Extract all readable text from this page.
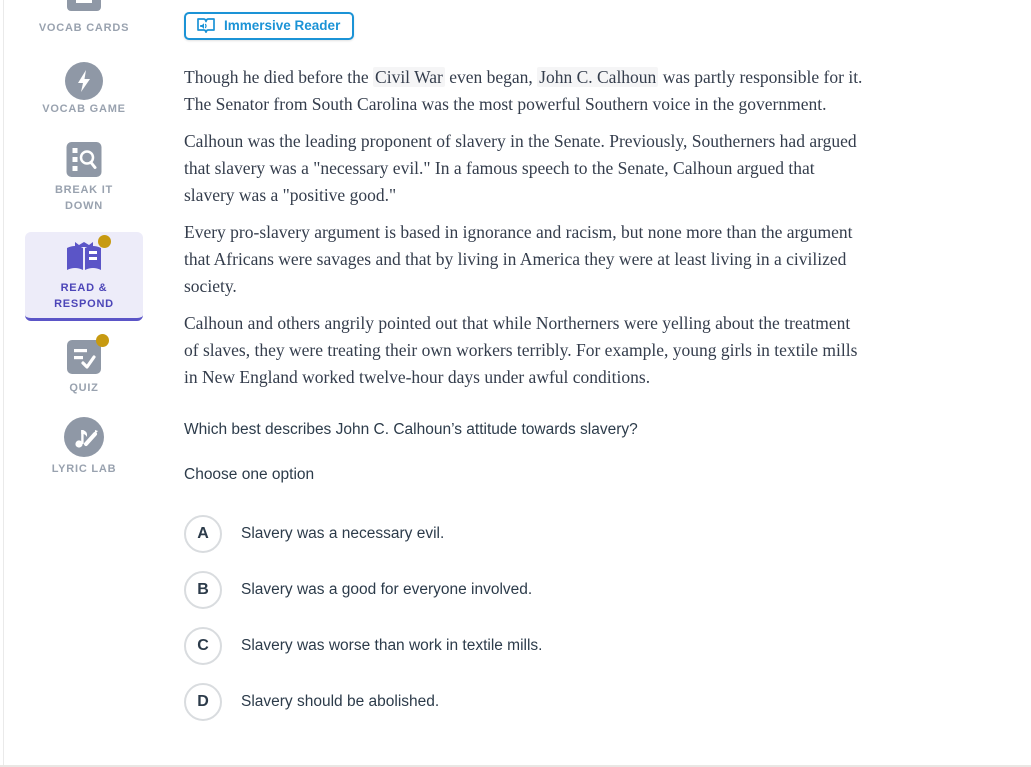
VOCAB CARDS
VOCAB GAME
BREAK IT DOWN
READ & RESPOND
QUIZ
LYRIC LAB
Immersive Reader

Though he died before the Civil War even began, John C. Calhoun was partly responsible for it. The Senator from South Carolina was the most powerful Southern voice in the government.

Calhoun was the leading proponent of slavery in the Senate. Previously, Southerners had argued that slavery was a "necessary evil." In a famous speech to the Senate, Calhoun argued that slavery was a "positive good."

Every pro-slavery argument is based in ignorance and racism, but none more than the argument that Africans were savages and that by living in America they were at least living in a civilized society.

Calhoun and others angrily pointed out that while Northerners were yelling about the treatment of slaves, they were treating their own workers terribly. For example, young girls in textile mills in New England worked twelve-hour days under awful conditions.

Which best describes John C. Calhoun’s attitude towards slavery?
Choose one option
A	Slavery was a necessary evil.
B	Slavery was a good for everyone involved.
C	Slavery was worse than work in textile mills.
D	Slavery should be abolished.
